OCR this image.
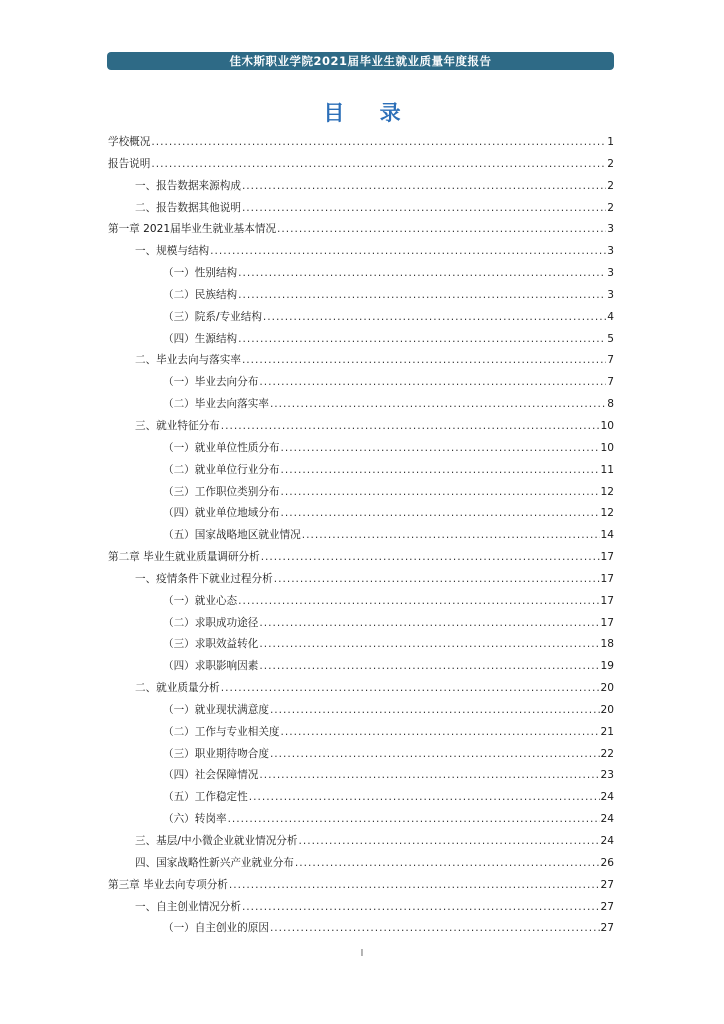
佳木斯职业学院2021届毕业生就业质量年度报告
目 录
学校概况 .....	1
报告说明 .....	2
一、报告数据来源构成 .....	2
二、报告数据其他说明 .....	2
第一章 2021届毕业生就业基本情况 .....	3
一、规模与结构 .....	3
（一）性别结构 .....	3
（二）民族结构 .....	3
（三）院系/专业结构 .....	4
（四）生源结构 .....	5
二、毕业去向与落实率 .....	7
（一）毕业去向分布 .....	7
（二）毕业去向落实率 .....	8
三、就业特征分布 .....	10
（一）就业单位性质分布 .....	10
（二）就业单位行业分布 .....	11
（三）工作职位类别分布 .....	12
（四）就业单位地域分布 .....	12
（五）国家战略地区就业情况 .....	14
第二章 毕业生就业质量调研分析 .....	17
一、疫情条件下就业过程分析 .....	17
（一）就业心态 .....	17
（二）求职成功途径 .....	17
（三）求职效益转化 .....	18
（四）求职影响因素 .....	19
二、就业质量分析 .....	20
（一）就业现状满意度 .....	20
（二）工作与专业相关度 .....	21
（三）职业期待吻合度 .....	22
（四）社会保障情况 .....	23
（五）工作稳定性 .....	24
（六）转岗率 .....	24
三、基层/中小微企业就业情况分析 .....	24
四、国家战略性新兴产业就业分布 .....	26
第三章 毕业去向专项分析 .....	27
一、自主创业情况分析 .....	27
（一）自主创业的原因 .....	27
I
